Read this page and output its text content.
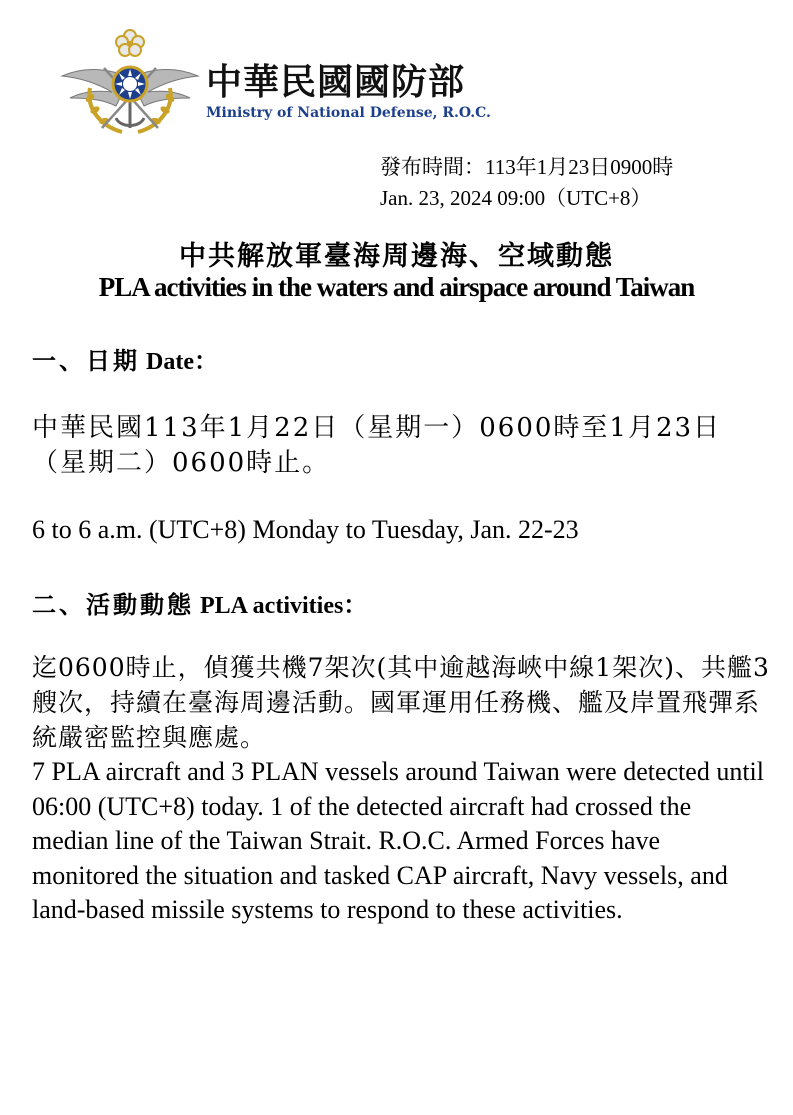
中華民國國防部
Ministry of National Defense, R.O.C.
發布時間：113年1月23日0900時
Jan. 23, 2024 09:00（UTC+8）
中共解放軍臺海周邊海、空域動態
PLA activities in the waters and airspace around Taiwan
一、日期 Date：
中華民國113年1月22日（星期一）0600時至1月23日（星期二）0600時止。
6 to 6 a.m. (UTC+8) Monday to Tuesday, Jan. 22-23
二、活動動態 PLA activities：
迄0600時止，偵獲共機7架次(其中逾越海峽中線1架次)、共艦3艘次，持續在臺海周邊活動。國軍運用任務機、艦及岸置飛彈系統嚴密監控與應處。
7 PLA aircraft and 3 PLAN vessels around Taiwan were detected until 06:00 (UTC+8) today. 1 of the detected aircraft had crossed the median line of the Taiwan Strait. R.O.C. Armed Forces have monitored the situation and tasked CAP aircraft, Navy vessels, and land-based missile systems to respond to these activities.
